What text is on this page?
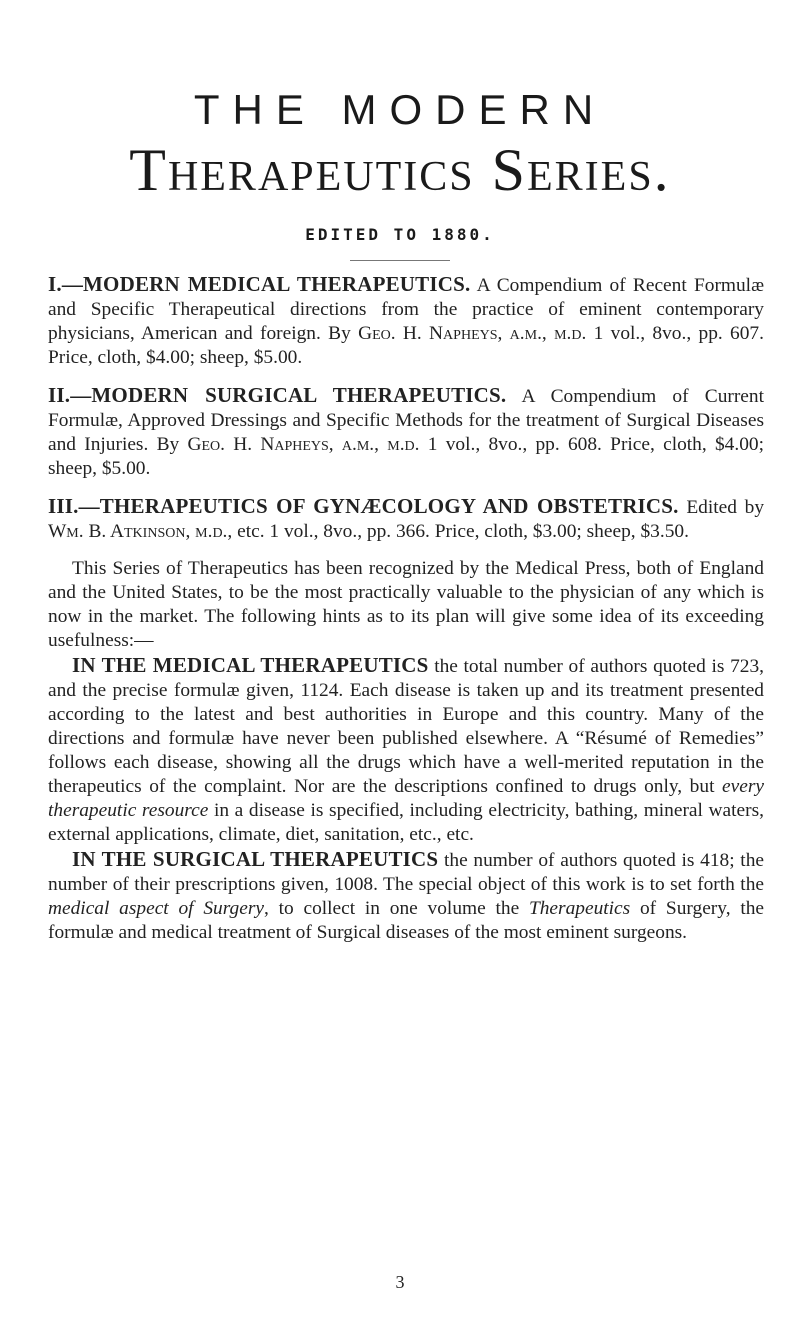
THE MODERN
Therapeutics Series.
EDITED TO 1880.

I.—MODERN MEDICAL THERAPEUTICS. A Compendium of Recent Formulæ and Specific Therapeutical directions from the practice of eminent contemporary physicians, American and foreign. By Geo. H. Napheys, a.m., m.d. 1 vol., 8vo., pp. 607. Price, cloth, $4.00; sheep, $5.00.

II.—MODERN SURGICAL THERAPEUTICS. A Compendium of Current Formulæ, Approved Dressings and Specific Methods for the treatment of Surgical Diseases and Injuries. By Geo. H. Napheys, a.m., m.d. 1 vol., 8vo., pp. 608. Price, cloth, $4.00; sheep, $5.00.

III.—THERAPEUTICS OF GYNÆCOLOGY AND OBSTETRICS. Edited by Wm. B. Atkinson, m.d., etc. 1 vol., 8vo., pp. 366. Price, cloth, $3.00; sheep, $3.50.

This Series of Therapeutics has been recognized by the Medical Press, both of England and the United States, to be the most practically valuable to the physician of any which is now in the market. The following hints as to its plan will give some idea of its exceeding usefulness:—

IN THE MEDICAL THERAPEUTICS the total number of authors quoted is 723, and the precise formulæ given, 1124. Each disease is taken up and its treatment presented according to the latest and best authorities in Europe and this country. Many of the directions and formulæ have never been published elsewhere. A “Résumé of Remedies” follows each disease, showing all the drugs which have a well-merited reputation in the therapeutics of the complaint. Nor are the descriptions confined to drugs only, but every therapeutic resource in a disease is specified, including electricity, bathing, mineral waters, external applications, climate, diet, sanitation, etc., etc.

IN THE SURGICAL THERAPEUTICS the number of authors quoted is 418; the number of their prescriptions given, 1008. The special object of this work is to set forth the medical aspect of Surgery, to collect in one volume the Therapeutics of Surgery, the formulæ and medical treatment of Surgical diseases of the most eminent surgeons.

3
